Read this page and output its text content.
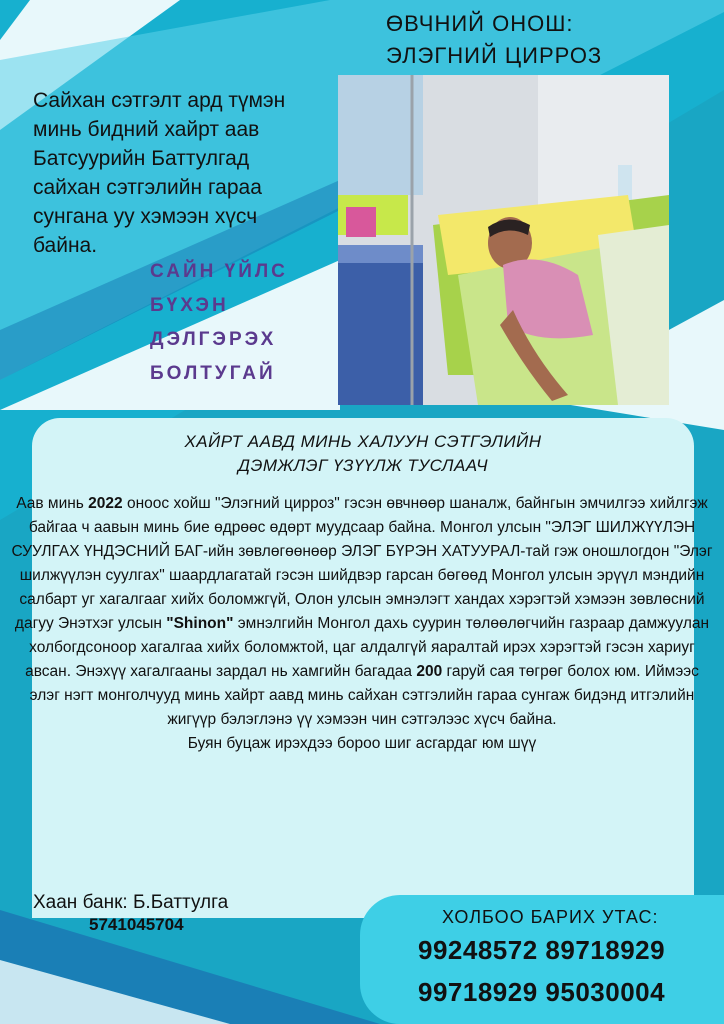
ӨВЧНИЙ ОНОШ:
ЭЛЭГНИЙ ЦИРРОЗ
Сайхан сэтгэлт ард түмэн минь бидний хайрт аав Батсуурийн Баттулгад сайхан сэтгэлийн гараа сунгана уу хэмээн хүсч байна.
САЙН ҮЙЛС
БҮХЭН
ДЭЛГЭРЭХ
БОЛТУГАЙ
ХАЙРТ ААВД МИНЬ ХАЛУУН СЭТГЭЛИЙН
ДЭМЖЛЭГ ҮЗҮҮЛЖ ТУСЛААЧ
Аав минь 2022 оноос хойш "Элэгний цирроз" гэсэн өвчнөөр шаналж, байнгын эмчилгээ хийлгэж байгаа ч аавын минь бие өдрөөс өдөрт муудсаар байна. Монгол улсын "ЭЛЭГ ШИЛЖҮҮЛЭН СУУЛГАХ ҮНДЭСНИЙ БАГ-ийн зөвлөгөөнөөр ЭЛЭГ БҮРЭН ХАТУУРАЛ-тай гэж оношлогдон "Элэг шилжүүлэн суулгах" шаардлагатай гэсэн шийдвэр гарсан бөгөөд Монгол улсын эрүүл мэндийн салбарт уг хагалгааг хийх боломжгүй, Олон улсын эмнэлэгт хандах хэрэгтэй хэмээн зөвлөсний дагуу Энэтхэг улсын "Shinon" эмнэлгийн Монгол дахь суурин төлөөлөгчийн газраар дамжуулан холбогдсоноор хагалгаа хийх боломжтой, цаг алдалгүй яаралтай ирэх хэрэгтэй гэсэн хариуг авсан. Энэхүү хагалгааны зардал нь хамгийн багадаа 200 гаруй сая төгрөг болох юм. Иймээс элэг нэгт монголчууд минь хайрт аавд минь сайхан сэтгэлийн гараа сунгаж бидэнд итгэлийн жигүүр бэлэглэнэ үү хэмээн чин сэтгэлээс хүсч байна.
Буян буцаж ирэхдээ бороо шиг асгардаг юм шүү
Хаан банк: Б.Баттулга
5741045704	ХОЛБОО БАРИХ УТАС:
99248572 89718929
99718929 95030004
